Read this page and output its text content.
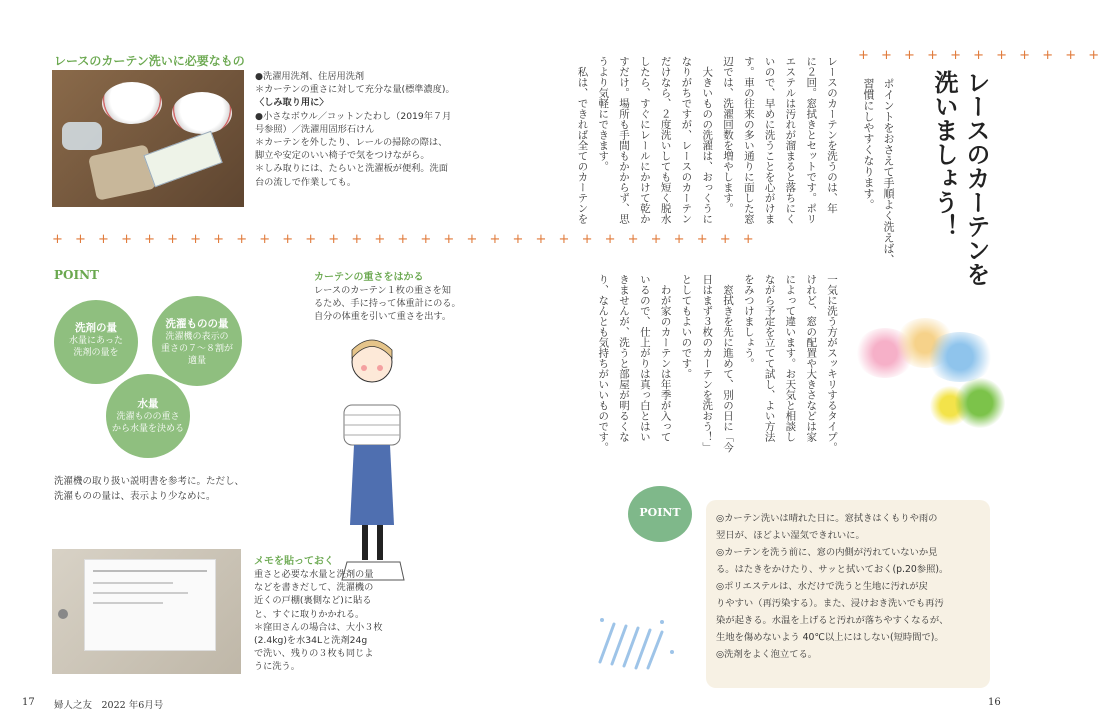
レースのカーテン洗いに必要なもの
●洗濯用洗剤、住居用洗剤
＊カーテンの重さに対して充分な量(標準濃度)。
〈しみ取り用に〉
●小さなボウル／コットンたわし（2019年７月
号参照）／洗濯用固形石けん
＊カーテンを外したり、レールの掃除の際は、
脚立や安定のいい椅子で気をつけながら。
＊しみ取りには、たらいと洗濯板が便利。洗面
台の流しで作業しても。
+ + + + + + + + + + + + + + + + + + + + + + + + + + + + + + +
POINT
洗剤の量
水量にあった
洗剤の量を
洗濯ものの量
洗濯機の表示の
重さの７～８割が
適量
水量
洗濯ものの重さ
から水量を決める
洗濯機の取り扱い説明書を参考に。ただし、
洗濯ものの量は、表示より少なめに。
カーテンの重さをはかる
レースのカーテン１枚の重さを知
るため、手に持って体重計にのる。
自分の体重を引いて重さを出す。
メモを貼っておく
重さと必要な水量と洗剤の量
などを書きだして、洗濯機の
近くの戸棚(裏側など)に貼る
と、すぐに取りかかれる。
＊窪田さんの場合は、大小３枚
(2.4kg)を水34Lと洗剤24g
で洗い、残りの３枚も同じよ
うに洗う。
17 婦人之友　2022 年6月号
+ + + + + + + + + + +
レースのカーテンを
洗いましょう！
ポイントをおさえて手順よく洗えば、
習慣にしやすくなります。
レースのカーテンを洗うのは、年
に２回。窓拭きとセットです。ポリ
エステルは汚れが溜まると落ちにく
いので、早めに洗うことを心がけま
す。車の往来の多い通りに面した窓
辺では、洗濯回数を増やします。
　大きいものの洗濯は、おっくうに
なりがちですが、レースのカーテン
だけなら、２度洗いしても短く脱水
したら、すぐにレールにかけて乾か
すだけ。場所も手間もかからず、思
うより気軽にできます。
　私は、できれば全てのカーテンを
一気に洗う方がスッキリするタイプ。
けれど、窓の配置や大きさなどは家
によって違います。お天気と相談し
ながら予定を立てて試し、よい方法
をみつけましょう。
　窓拭きを先に進めて、別の日に「今
日はまず３枚のカーテンを洗おう！」
としてもよいのです。
　わが家のカーテンは年季が入って
いるので、仕上がりは真っ白とはい
きませんが、洗うと部屋が明るくな
り、なんとも気持ちがいいものです。
POINT	◎カーテン洗いは晴れた日に。窓拭きはくもりや雨の
翌日が、ほどよい湿気できれいに。
◎カーテンを洗う前に、窓の内側が汚れていないか見
る。はたきをかけたり、サッと拭いておく(p.20参照)。
◎ポリエステルは、水だけで洗うと生地に汚れが戻
りやすい（再汚染する）。また、浸けおき洗いでも再汚
染が起きる。水温を上げると汚れが落ちやすくなるが、
生地を傷めないよう 40℃以上にはしない(短時間で)。
◎洗剤をよく泡立てる。
16
